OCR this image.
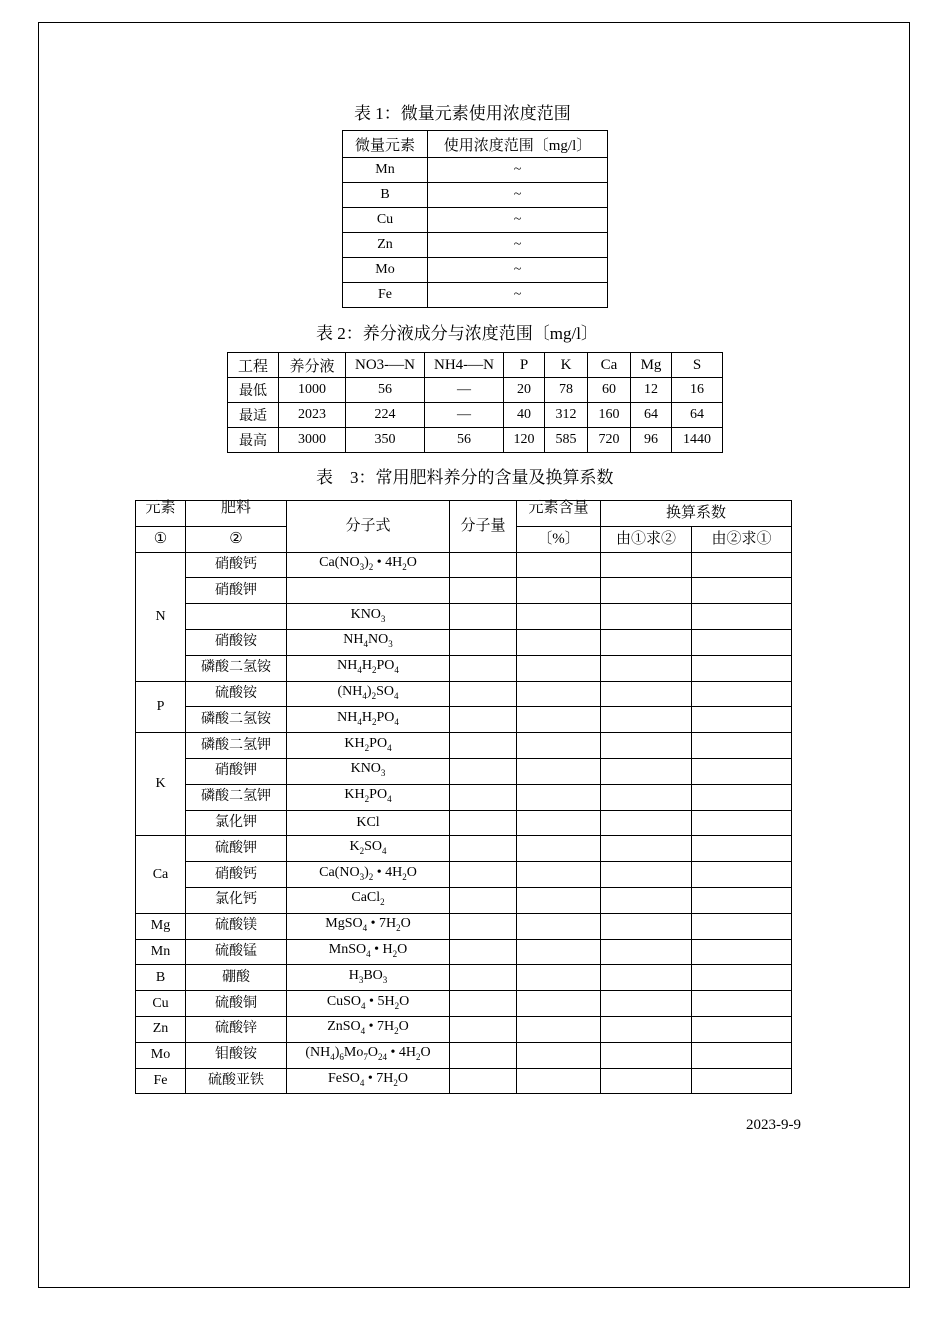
表 1：微量元素使用浓度范围
微量元素	使用浓度范围〔mg/l〕
Mn	~
B	~
Cu	~
Zn	~
Mo	~
Fe	~
表 2：养分液成分与浓度范围〔mg/l〕
工程	养分液	NO3-—N	NH4-—N	P	K	Ca	Mg	S
最低	1000	56	—	20	78	60	12	16
最适	2023	224	—	40	312	160	64	64
最高	3000	350	56	120	585	720	96	1440
表　3：常用肥料养分的含量及换算系数
元素	肥料	分子式	分子量	元素含量	换算系数	
①	②			〔%〕	由①求②	由②求①
N	硝酸钙	$Ca(NO_3)_2$ • $4H_2O$				
	硝酸钾					
		$KNO_3$				
	硝酸铵	$NH_4NO_3$				
	磷酸二氢铵	$NH_4H_2PO_4$				
P	硫酸铵	$(NH_4)_2SO_4$				
	磷酸二氢铵	$NH_4H_2PO_4$				
K	磷酸二氢钾	$KH_2PO_4$				
	硝酸钾	$KNO_3$				
	磷酸二氢钾	$KH_2PO_4$				
	氯化钾	KCl				
Ca	硫酸钾	$K_2SO_4$				
	硝酸钙	$Ca(NO_3)_2$ • $4H_2O$				
	氯化钙	CaCl$_2$				
Mg	硫酸镁	MgSO$_4$ • $7H_2O$				
Mn	硫酸锰	MnSO$_4$ • $H_2O$				
B	硼酸	$H_3BO_3$				
Cu	硫酸铜	CuSO$_4$ • $5H_2O$				
Zn	硫酸锌	ZnSO$_4$ • $7H_2O$				
Mo	钼酸铵	$(NH_4)_6Mo_7O_{24}$ • $4H_2O$				
Fe	硫酸亚铁	FeSO$_4$ • $7H_2O$				
2023-9-9
